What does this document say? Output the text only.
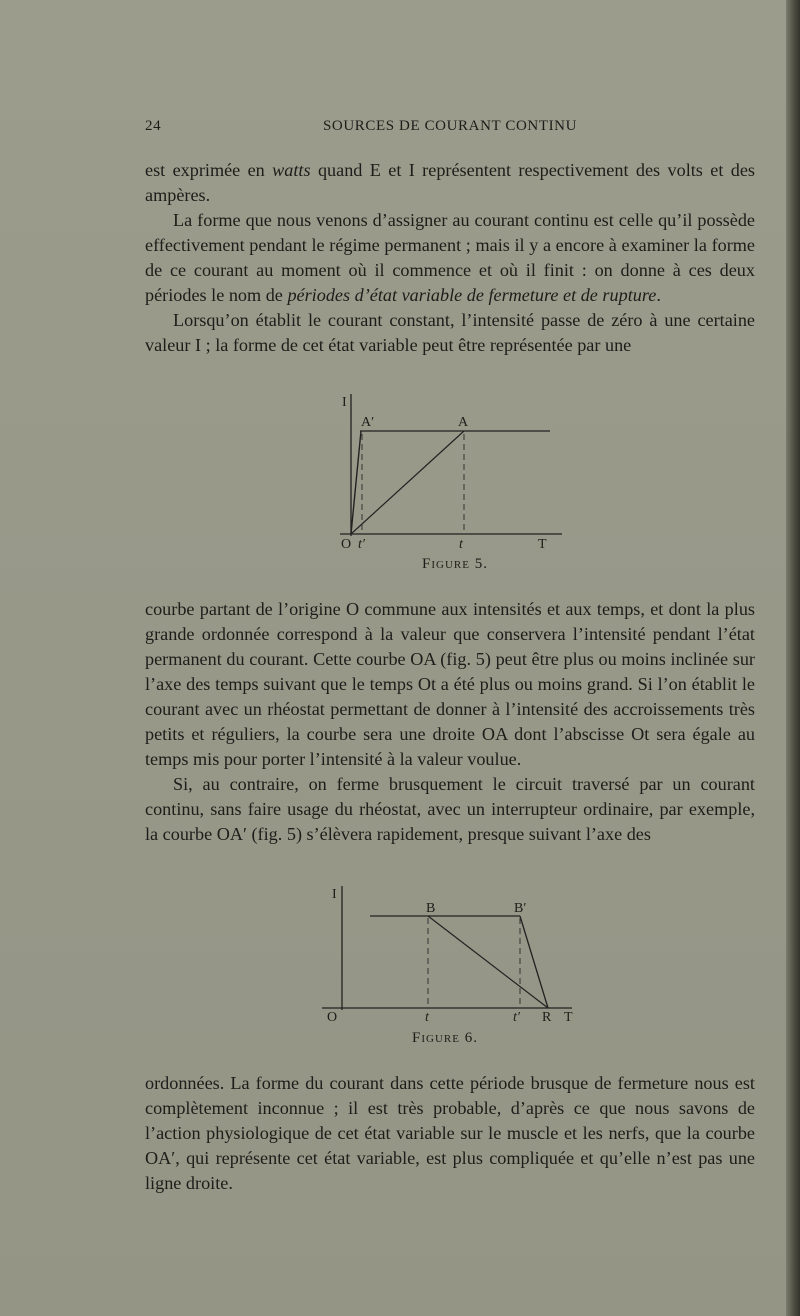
24	SOURCES DE COURANT CONTINU

est exprimée en watts quand E et I représentent respectivement des volts et des ampères.

La forme que nous venons d’assigner au courant continu est celle qu’il possède effectivement pendant le régime permanent ; mais il y a encore à examiner la forme de ce courant au moment où il commence et où il finit : on donne à ces deux périodes le nom de périodes d’état variable de fermeture et de rupture.

Lorsqu’on établit le courant constant, l’intensité passe de zéro à une certaine valeur I ; la forme de cet état variable peut être représentée par une

I
A′	A
O t′	t	T
Figure 5.

courbe partant de l’origine O commune aux intensités et aux temps, et dont la plus grande ordonnée correspond à la valeur que conservera l’intensité pendant l’état permanent du courant. Cette courbe OA (fig. 5) peut être plus ou moins inclinée sur l’axe des temps suivant que le temps Ot a été plus ou moins grand. Si l’on établit le courant avec un rhéostat permettant de donner à l’intensité des accroissements très petits et réguliers, la courbe sera une droite OA dont l’abscisse Ot sera égale au temps mis pour porter l’intensité à la valeur voulue.

Si, au contraire, on ferme brusquement le circuit traversé par un courant continu, sans faire usage du rhéostat, avec un interrupteur ordinaire, par exemple, la courbe OA′ (fig. 5) s’élèvera rapidement, presque suivant l’axe des

I
B	B′
O	t	t′ R T
Figure 6.

ordonnées. La forme du courant dans cette période brusque de fermeture nous est complètement inconnue ; il est très probable, d’après ce que nous savons de l’action physiologique de cet état variable sur le muscle et les nerfs, que la courbe OA′, qui représente cet état variable, est plus compliquée et qu’elle n’est pas une ligne droite.
